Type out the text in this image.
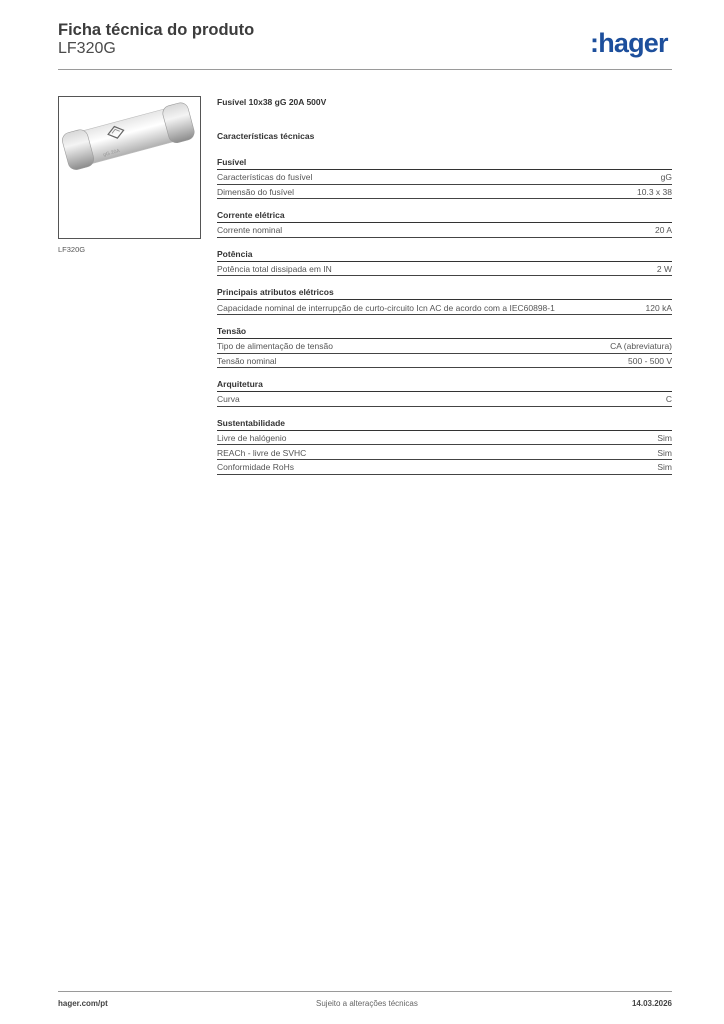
Ficha técnica do produto
LF320G	:hager
gG 20A
LF320G
Fusível 10x38 gG 20A 500V
Características técnicas
Fusível
Características do fusível	gG
Dimensão do fusível	10.3 x 38
Corrente elétrica
Corrente nominal	20 A
Potência
Potência total dissipada em IN	2 W
Principais atributos elétricos
Capacidade nominal de interrupção de curto-circuito Icn AC de acordo com a IEC60898-1	120 kA
Tensão
Tipo de alimentação de tensão	CA (abreviatura)
Tensão nominal	500 - 500 V
Arquitetura
Curva	C
Sustentabilidade
Livre de halógenio	Sim
REACh - livre de SVHC	Sim
Conformidade RoHs	Sim
hager.com/pt	Sujeito a alterações técnicas	14.03.2026
